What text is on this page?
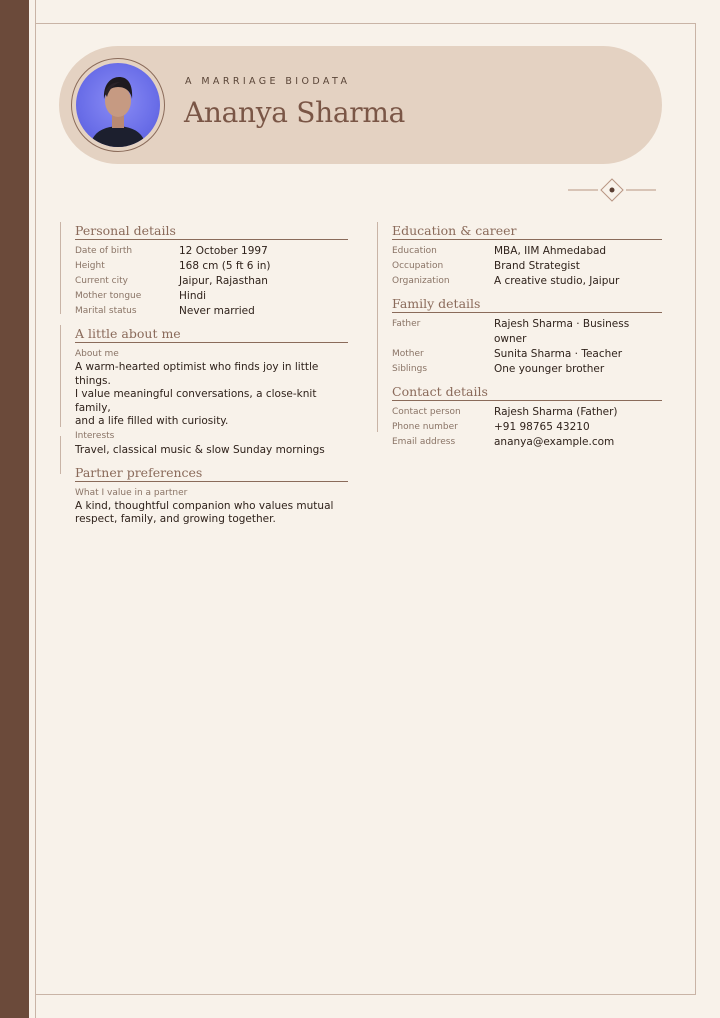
A MARRIAGE BIODATA
Ananya Sharma
Personal details
Date of birth	12 October 1997
Height	168 cm (5 ft 6 in)
Current city	Jaipur, Rajasthan
Mother tongue	Hindi
Marital status	Never married
A little about me
About me
A warm-hearted optimist who finds joy in little things.
I value meaningful conversations, a close-knit family,
and a life filled with curiosity.
Interests
Travel, classical music & slow Sunday mornings
Partner preferences
What I value in a partner
A kind, thoughtful companion who values mutual
respect, family, and growing together.
Education & career
Education	MBA, IIM Ahmedabad
Occupation	Brand Strategist
Organization	A creative studio, Jaipur
Family details
Father	Rajesh Sharma · Business owner
Mother	Sunita Sharma · Teacher
Siblings	One younger brother
Contact details
Contact person	Rajesh Sharma (Father)
Phone number	+91 98765 43210
Email address	ananya@example.com
